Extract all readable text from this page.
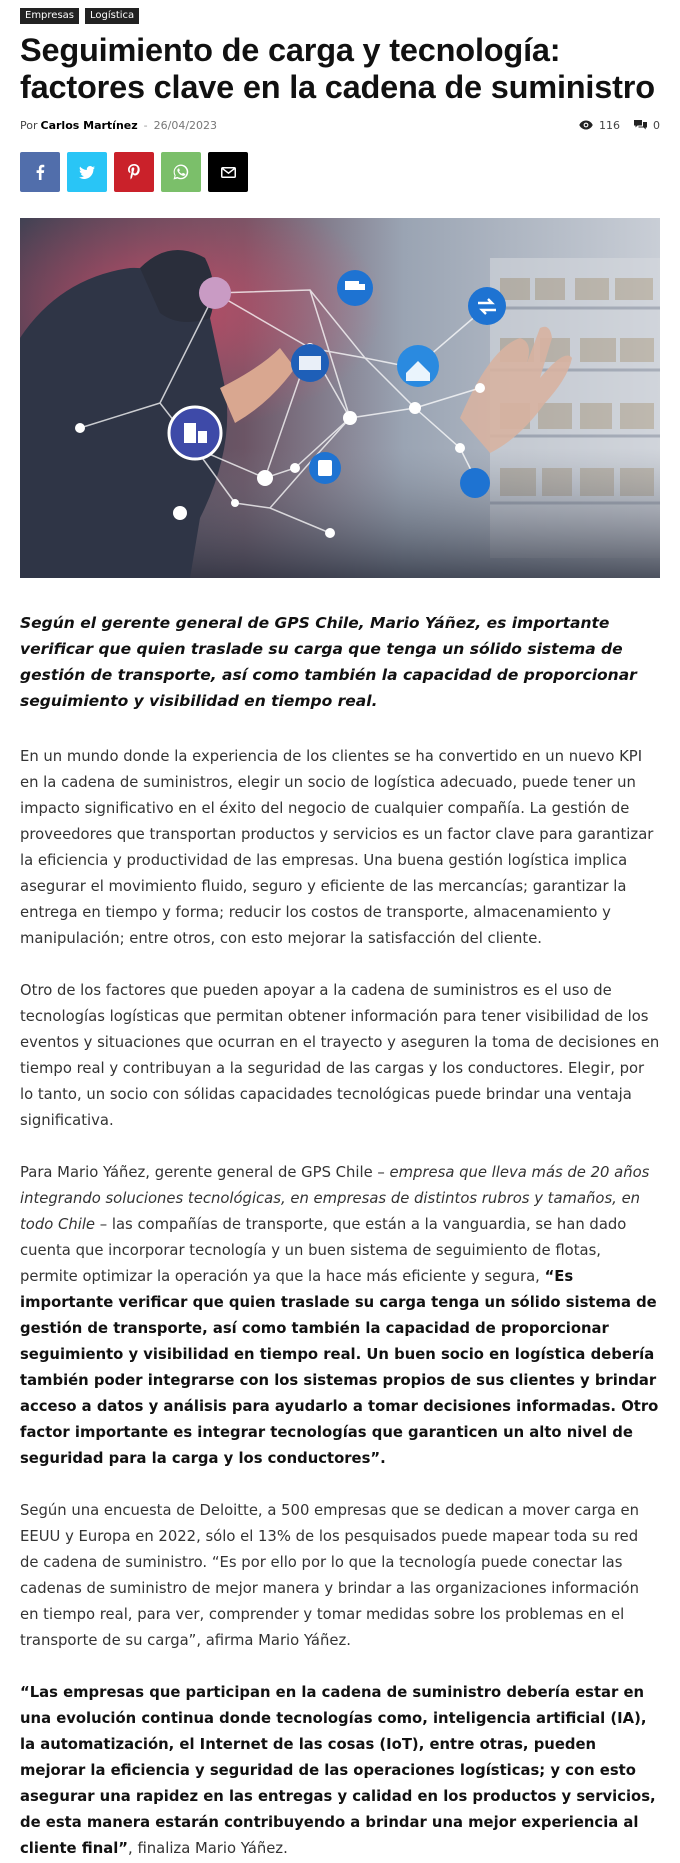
Empresas	Logística
Seguimiento de carga y tecnología: factores clave en la cadena de suministro
Por Carlos Martínez - 26/04/2023	116	0

Según el gerente general de GPS Chile, Mario Yáñez, es importante verificar que quien traslade su carga que tenga un sólido sistema de gestión de transporte, así como también la capacidad de proporcionar seguimiento y visibilidad en tiempo real.

En un mundo donde la experiencia de los clientes se ha convertido en un nuevo KPI en la cadena de suministros, elegir un socio de logística adecuado, puede tener un impacto significativo en el éxito del negocio de cualquier compañía. La gestión de proveedores que transportan productos y servicios es un factor clave para garantizar la eficiencia y productividad de las empresas. Una buena gestión logística implica asegurar el movimiento fluido, seguro y eficiente de las mercancías; garantizar la entrega en tiempo y forma; reducir los costos de transporte, almacenamiento y manipulación; entre otros, con esto mejorar la satisfacción del cliente.

Otro de los factores que pueden apoyar a la cadena de suministros es el uso de tecnologías logísticas que permitan obtener información para tener visibilidad de los eventos y situaciones que ocurran en el trayecto y aseguren la toma de decisiones en tiempo real y contribuyan a la seguridad de las cargas y los conductores. Elegir, por lo tanto, un socio con sólidas capacidades tecnológicas puede brindar una ventaja significativa.

Para Mario Yáñez, gerente general de GPS Chile – empresa que lleva más de 20 años integrando soluciones tecnológicas, en empresas de distintos rubros y tamaños, en todo Chile – las compañías de transporte, que están a la vanguardia, se han dado cuenta que incorporar tecnología y un buen sistema de seguimiento de flotas, permite optimizar la operación ya que la hace más eficiente y segura, “Es importante verificar que quien traslade su carga tenga un sólido sistema de gestión de transporte, así como también la capacidad de proporcionar seguimiento y visibilidad en tiempo real. Un buen socio en logística debería también poder integrarse con los sistemas propios de sus clientes y brindar acceso a datos y análisis para ayudarlo a tomar decisiones informadas. Otro factor importante es integrar tecnologías que garanticen un alto nivel de seguridad para la carga y los conductores”.

Según una encuesta de Deloitte, a 500 empresas que se dedican a mover carga en EEUU y Europa en 2022, sólo el 13% de los pesquisados puede mapear toda su red de cadena de suministro. “Es por ello por lo que la tecnología puede conectar las cadenas de suministro de mejor manera y brindar a las organizaciones información en tiempo real, para ver, comprender y tomar medidas sobre los problemas en el transporte de su carga”, afirma Mario Yáñez.

“Las empresas que participan en la cadena de suministro debería estar en una evolución continua donde tecnologías como, inteligencia artificial (IA), la automatización, el Internet de las cosas (IoT), entre otras, pueden mejorar la eficiencia y seguridad de las operaciones logísticas; y con esto asegurar una rapidez en las entregas y calidad en los productos y servicios, de esta manera estarán contribuyendo a brindar una mejor experiencia al cliente final”, finaliza Mario Yáñez.
